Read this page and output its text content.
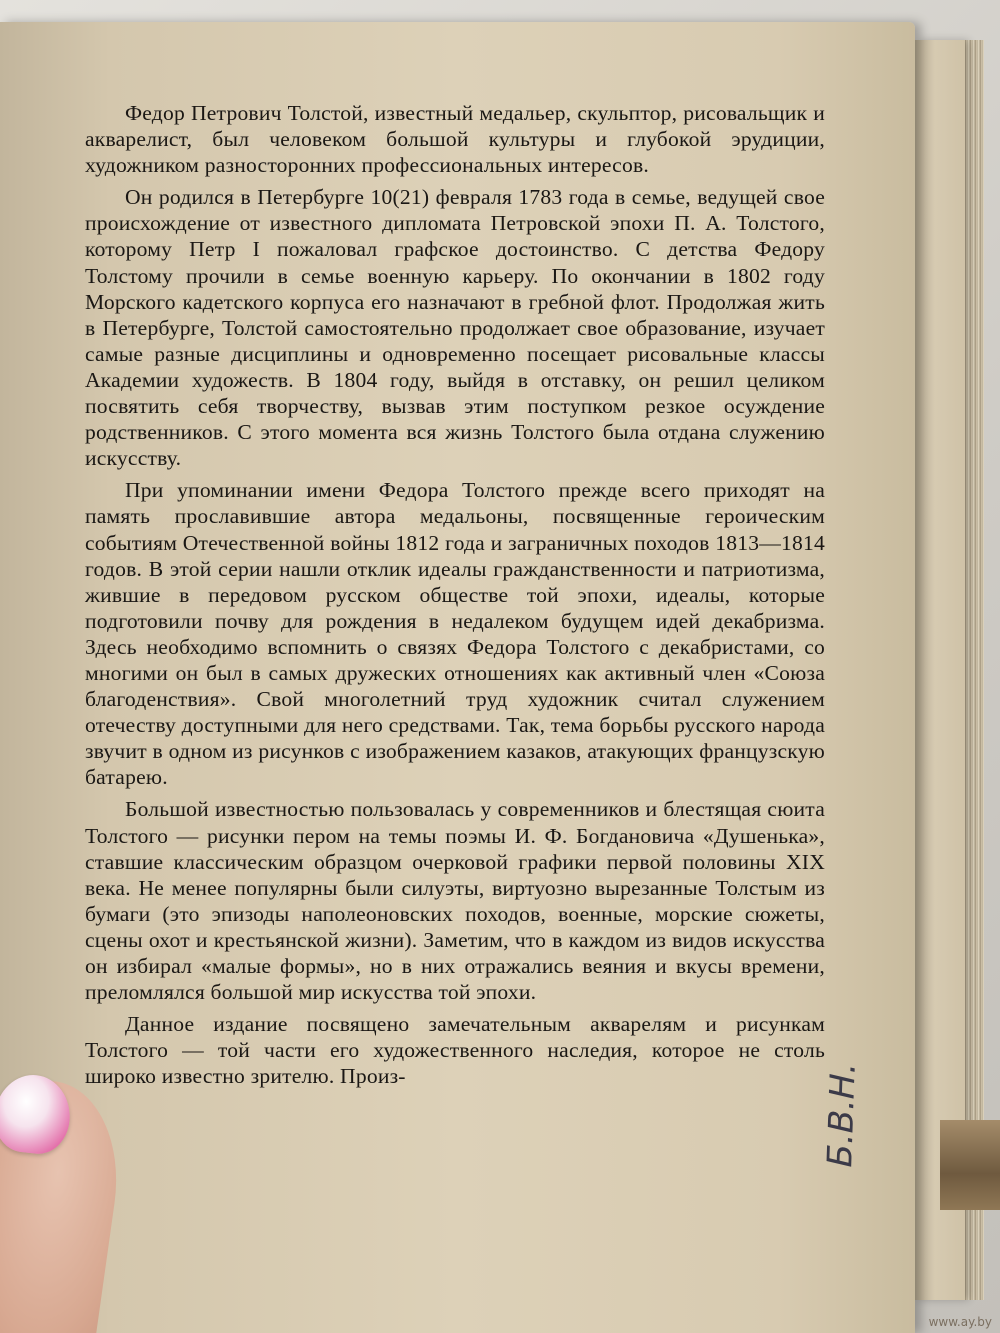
Федор Петрович Толстой, известный медальер, скульптор, рисовальщик и акварелист, был человеком большой культуры и глубокой эрудиции, художником разносторонних профессиональных интересов.

Он родился в Петербурге 10(21) февраля 1783 года в семье, ведущей свое происхождение от известного дипломата Петровской эпохи П. А. Толстого, которому Петр I пожаловал графское достоинство. С детства Федору Толстому прочили в семье военную карьеру. По окончании в 1802 году Морского кадетского корпуса его назначают в гребной флот. Продолжая жить в Петербурге, Толстой самостоятельно продолжает свое образование, изучает самые разные дисциплины и одновременно посещает рисовальные классы Академии художеств. В 1804 году, выйдя в отставку, он решил целиком посвятить себя творчеству, вызвав этим поступком резкое осуждение родственников. С этого момента вся жизнь Толстого была отдана служению искусству.

При упоминании имени Федора Толстого прежде всего приходят на память прославившие автора медальоны, посвященные героическим событиям Отечественной войны 1812 года и заграничных походов 1813—1814 годов. В этой серии нашли отклик идеалы гражданственности и патриотизма, жившие в передовом русском обществе той эпохи, идеалы, которые подготовили почву для рождения в недалеком будущем идей декабризма. Здесь необходимо вспомнить о связях Федора Толстого с декабристами, со многими он был в самых дружеских отношениях как активный член «Союза благоденствия». Свой многолетний труд художник считал служением отечеству доступными для него средствами. Так, тема борьбы русского народа звучит в одном из рисунков с изображением казаков, атакующих французскую батарею.

Большой известностью пользовалась у современников и блестящая сюита Толстого — рисунки пером на темы поэмы И. Ф. Богдановича «Душенька», ставшие классическим образцом очерковой графики первой половины XIX века. Не менее популярны были силуэты, виртуозно вырезанные Толстым из бумаги (это эпизоды наполеоновских походов, военные, морские сюжеты, сцены охот и крестьянской жизни). Заметим, что в каждом из видов искусства он избирал «малые формы», но в них отражались веяния и вкусы времени, преломлялся большой мир искусства той эпохи.

Данное издание посвящено замечательным акварелям и рисункам Толстого — той части его художественного наследия, которое не столь широко известно зрителю. Произ-	Б.В.Н.
www.ay.by
